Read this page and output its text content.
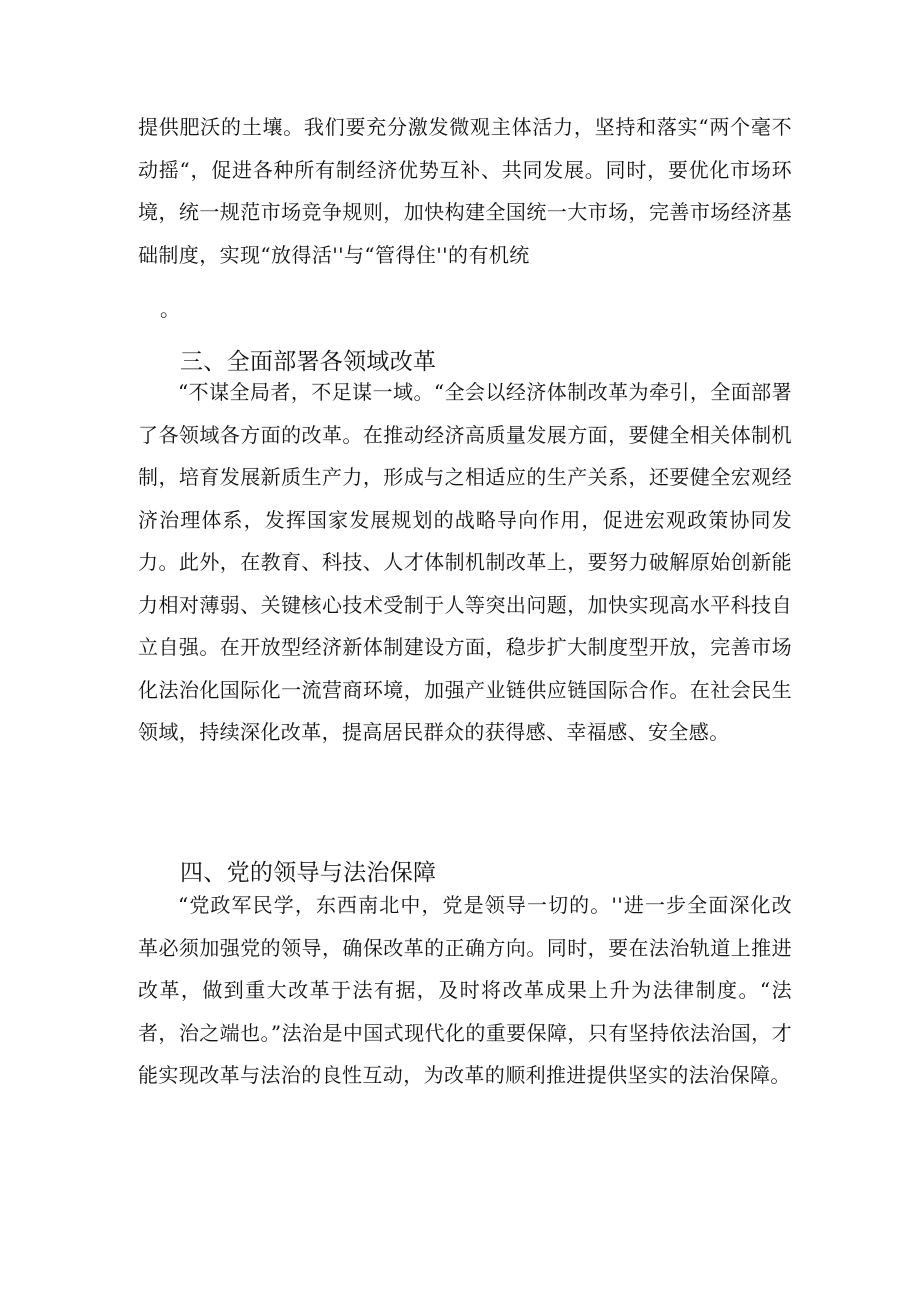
提供肥沃的土壤。我们要充分激发微观主体活力，坚持和落实“两个毫不动摇“，促进各种所有制经济优势互补、共同发展。同时，要优化市场环境，统一规范市场竞争规则，加快构建全国统一大市场，完善市场经济基础制度，实现“放得活''与“管得住''的有机统

。

三、全面部署各领域改革

“不谋全局者，不足谋一域。“全会以经济体制改革为牵引，全面部署了各领域各方面的改革。在推动经济高质量发展方面，要健全相关体制机制，培育发展新质生产力，形成与之相适应的生产关系，还要健全宏观经济治理体系，发挥国家发展规划的战略导向作用，促进宏观政策协同发力。此外，在教育、科技、人才体制机制改革上，要努力破解原始创新能力相对薄弱、关键核心技术受制于人等突出问题，加快实现高水平科技自立自强。在开放型经济新体制建设方面，稳步扩大制度型开放，完善市场化法治化国际化一流营商环境，加强产业链供应链国际合作。在社会民生领域，持续深化改革，提高居民群众的获得感、幸福感、安全感。

四、党的领导与法治保障

“党政军民学，东西南北中，党是领导一切的。''进一步全面深化改革必须加强党的领导，确保改革的正确方向。同时，要在法治轨道上推进改革，做到重大改革于法有据，及时将改革成果上升为法律制度。“法者，治之端也。”法治是中国式现代化的重要保障，只有坚持依法治国，才能实现改革与法治的良性互动，为改革的顺利推进提供坚实的法治保障。
